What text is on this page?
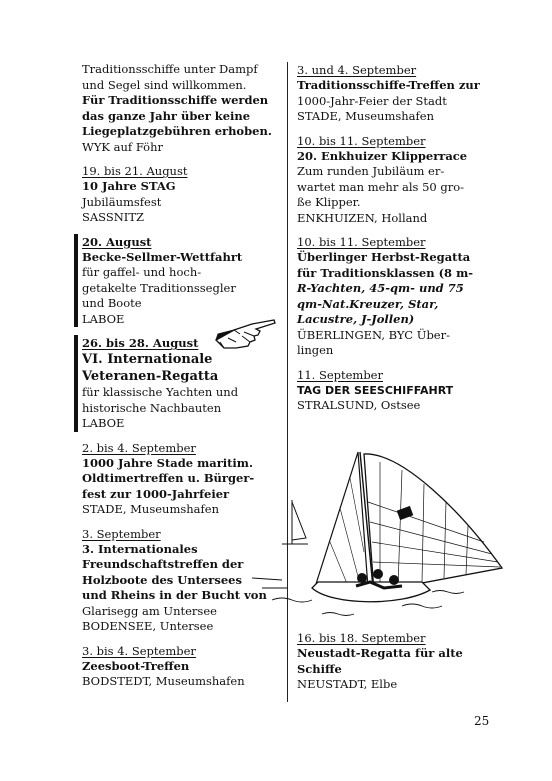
Traditionsschiffe unter Dampf
und Segel sind willkommen.
Für Traditionsschiffe werden
das ganze Jahr über keine
Liegeplatzgebühren erhoben.
WYK auf Föhr
19. bis 21. August
10 Jahre STAG
Jubiläumsfest
SASSNITZ
20. August
Becke-Sellmer-Wettfahrt
für gaffel- und hoch-
getakelte Traditionssegler
und Boote
LABOE
26. bis 28. August
VI. Internationale
Veteranen-Regatta
für klassische Yachten und
historische Nachbauten
LABOE
2. bis 4. September
1000 Jahre Stade maritim.
Oldtimertreffen u. Bürger-
fest zur 1000-Jahrfeier
STADE, Museumshafen
3. September
3. Internationales
Freundschaftstreffen der
Holzboote des Untersees
und Rheins in der Bucht von
Glarisegg am Untersee
BODENSEE, Untersee
3. bis 4. September
Zeesboot-Treffen
BODSTEDT, Museumshafen
3. und 4. September
Traditionsschiffe-Treffen zur
1000-Jahr-Feier der Stadt
STADE, Museumshafen
10. bis 11. September
20. Enkhuizer Klipperrace
Zum runden Jubiläum er-
wartet man mehr als 50 gro-
ße Klipper.
ENKHUIZEN, Holland
10. bis 11. September
Überlinger Herbst-Regatta
für Traditionsklassen (8 m-
R-Yachten, 45-qm- und 75
qm-Nat.Kreuzer, Star,
Lacustre, J-Jollen)
ÜBERLINGEN, BYC Über-
lingen
11. September
TAG DER SEESCHIFFAHRT
STRALSUND, Ostsee
16. bis 18. September
Neustadt-Regatta für alte
Schiffe
NEUSTADT, Elbe
25
